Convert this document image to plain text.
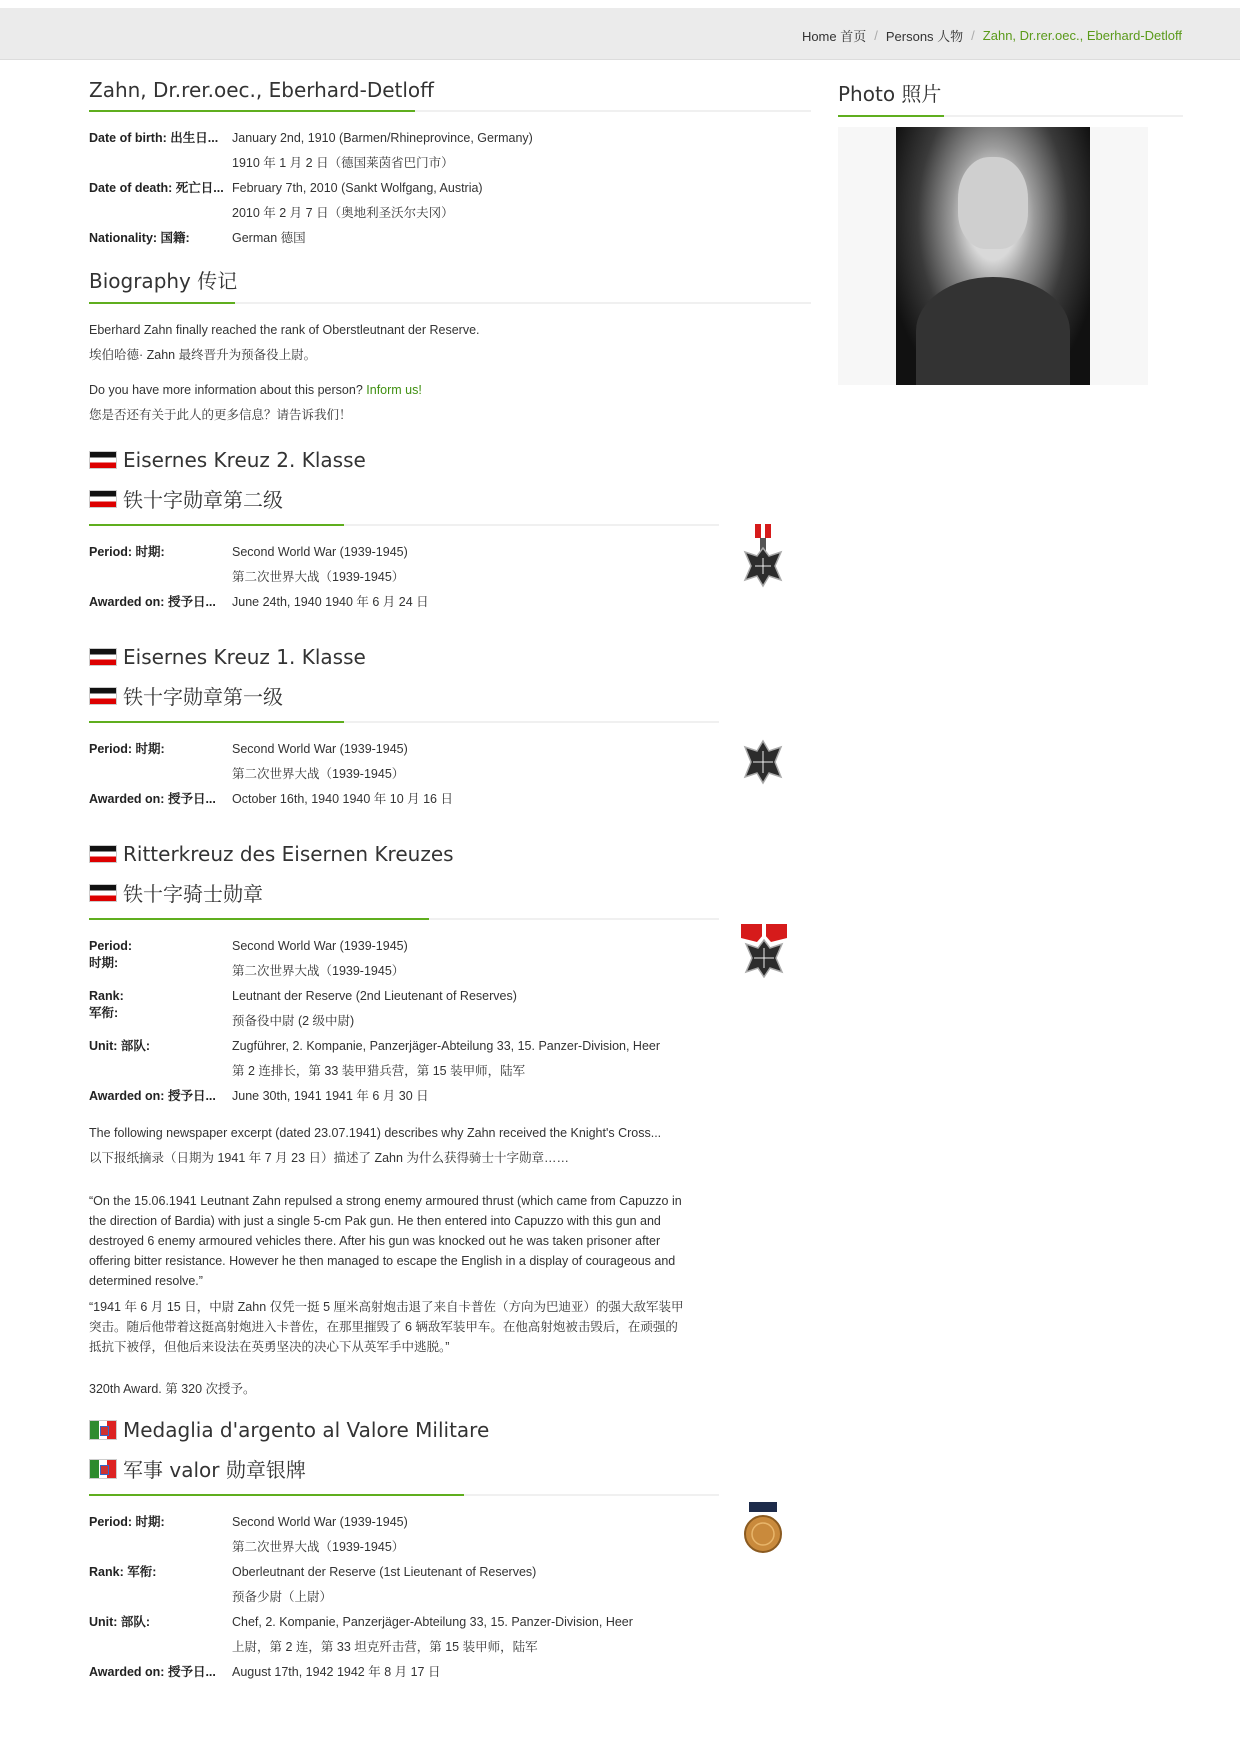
Home 首页 / Persons 人物 / Zahn, Dr.rer.oec., Eberhard-Detloff
Zahn, Dr.rer.oec., Eberhard-Detloff
Date of birth: 出生日...	January 2nd, 1910 (Barmen/Rhineprovince, Germany)
1910 年 1 月 2 日（德国莱茵省巴门市）
Date of death: 死亡日... February 7th, 2010 (Sankt Wolfgang, Austria)
2010 年 2 月 7 日（奥地利圣沃尔夫冈）
Nationality: 国籍:	German 德国
Biography 传记

Eberhard Zahn finally reached the rank of Oberstleutnant der Reserve.

埃伯哈德· Zahn 最终晋升为预备役上尉。

Do you have more information about this person? Inform us!

您是否还有关于此人的更多信息？请告诉我们！

Eisernes Kreuz 2. Klasse
铁十字勋章第二级
Period: 时期:	Second World War (1939-1945)
第二次世界大战（1939-1945）
Awarded on: 授予日...	June 24th, 1940 1940 年 6 月 24 日
Eisernes Kreuz 1. Klasse
铁十字勋章第一级
Period: 时期:	Second World War (1939-1945)
第二次世界大战（1939-1945）
Awarded on: 授予日...	October 16th, 1940 1940 年 10 月 16 日
Ritterkreuz des Eisernen Kreuzes
铁十字骑士勋章
Period:
时期:
Second World War (1939-1945)
第二次世界大战（1939-1945）
Rank:
军衔:
Leutnant der Reserve (2nd Lieutenant of Reserves)
预备役中尉 (2 级中尉)
Unit: 部队:	Zugführer, 2. Kompanie, Panzerjäger-Abteilung 33, 15. Panzer-Division, Heer
第 2 连排长，第 33 装甲猎兵营，第 15 装甲师，陆军
Awarded on: 授予日...	June 30th, 1941 1941 年 6 月 30 日

The following newspaper excerpt (dated 23.07.1941) describes why Zahn received the Knight's Cross...

以下报纸摘录（日期为 1941 年 7 月 23 日）描述了 Zahn 为什么获得骑士十字勋章……

“On the 15.06.1941 Leutnant Zahn repulsed a strong enemy armoured thrust (which came from Capuzzo in the direction of Bardia) with just a single 5-cm Pak gun. He then entered into Capuzzo with this gun and destroyed 6 enemy armoured vehicles there. After his gun was knocked out he was taken prisoner after offering bitter resistance. However he then managed to escape the English in a display of courageous and determined resolve.”

“1941 年 6 月 15 日，中尉 Zahn 仅凭一挺 5 厘米高射炮击退了来自卡普佐（方向为巴迪亚）的强大敌军装甲突击。随后他带着这挺高射炮进入卡普佐，在那里摧毁了 6 辆敌军装甲车。在他高射炮被击毁后，在顽强的抵抗下被俘，但他后来设法在英勇坚决的决心下从英军手中逃脱。”

320th Award. 第 320 次授予。

Medaglia d'argento al Valore Militare
军事 valor 勋章银牌
Period: 时期:	Second World War (1939-1945)
第二次世界大战（1939-1945）
Rank: 军衔:	Oberleutnant der Reserve (1st Lieutenant of Reserves)
预备少尉（上尉）
Unit: 部队:	Chef, 2. Kompanie, Panzerjäger-Abteilung 33, 15. Panzer-Division, Heer
上尉，第 2 连，第 33 坦克歼击营，第 15 装甲师，陆军
Awarded on: 授予日...	August 17th, 1942 1942 年 8 月 17 日
Photo 照片
